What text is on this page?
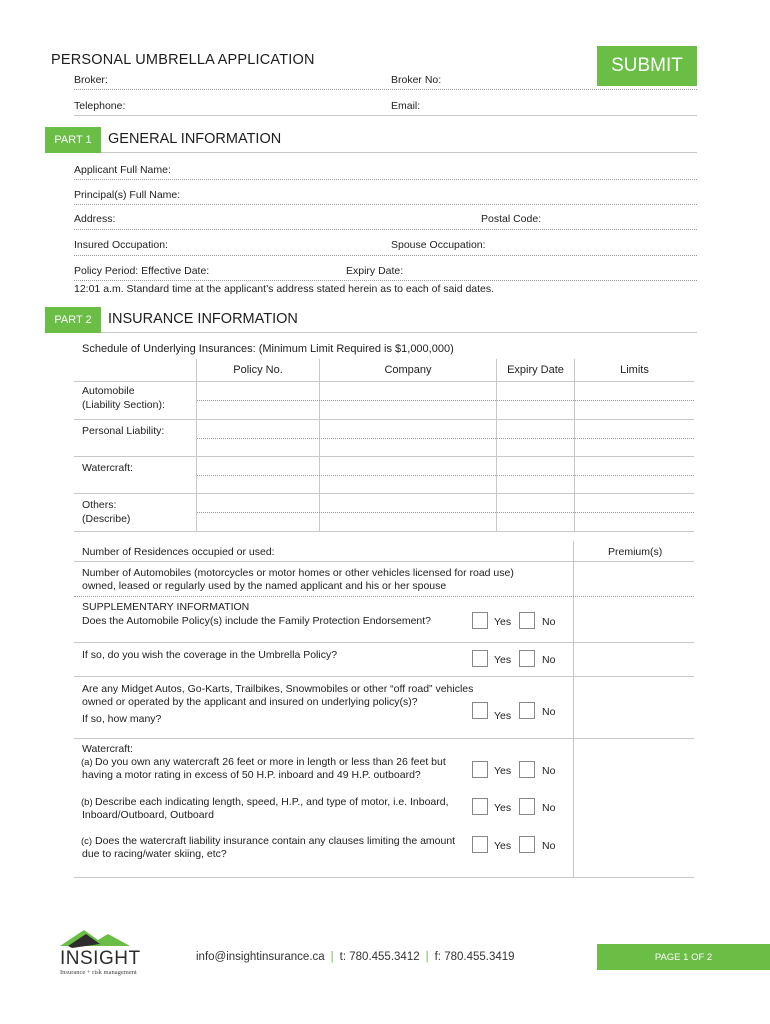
PERSONAL UMBRELLA APPLICATION	SUBMIT
Broker:	Broker No:
Telephone:	Email:
PART 1	GENERAL INFORMATION
Applicant Full Name:
Principal(s) Full Name:
Address:	Postal Code:
Insured Occupation:	Spouse Occupation:
Policy Period: Effective Date:	Expiry Date:
12:01 a.m. Standard time at the applicant’s address stated herein as to each of said dates.
PART 2	INSURANCE INFORMATION
Schedule of Underlying Insurances: (Minimum Limit Required is $1,000,000)
Policy No.	Company	Expiry Date	Limits
Automobile
(Liability Section):
Personal Liability:
Watercraft:
Others:
(Describe)
Number of Residences occupied or used:	Premium(s)
Number of Automobiles (motorcycles or motor homes or other vehicles licensed for road use)
owned, leased or regularly used by the named applicant and his or her spouse
SUPPLEMENTARY INFORMATION
Does the Automobile Policy(s) include the Family Protection Endorsement?	Yes	No
If so, do you wish the coverage in the Umbrella Policy?	Yes	No
Are any Midget Autos, Go-Karts, Trailbikes, Snowmobiles or other “off road” vehicles
owned or operated by the applicant and insured on underlying policy(s)?
If so, how many?	Yes	No
Watercraft:
(a) Do you own any watercraft 26 feet or more in length or less than 26 feet but
having a motor rating in excess of 50 H.P. inboard and 49 H.P. outboard?	Yes	No
(b) Describe each indicating length, speed, H.P., and type of motor, i.e. Inboard,
Inboard/Outboard, Outboard
Yes	No
(c) Does the watercraft liability insurance contain any clauses limiting the amount
due to racing/water skiing, etc?
Yes	No
INSIGHT
Insurance + risk management
info@insightinsurance.ca | t: 780.455.3412 | f: 780.455.3419	PAGE 1 OF 2
